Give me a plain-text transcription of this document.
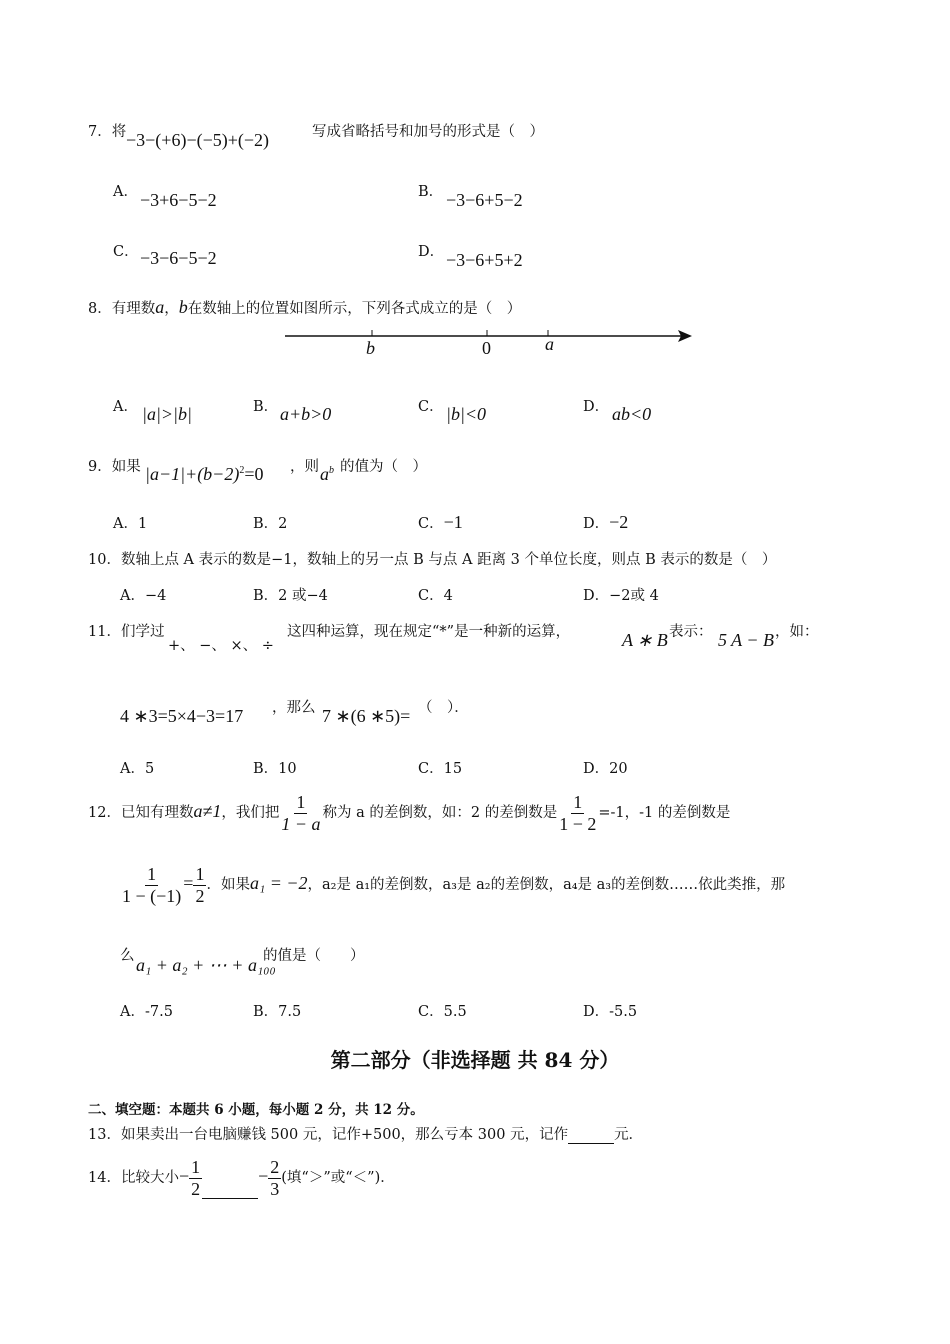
7．将 −3−(+6)−(−5)+(−2)	写成省略括号和加号的形式是（　）
A． −3+6−5−2	B． −3−6+5−2
C． −3−6−5−2	D． −3−6+5+2
8．有理数a，b在数轴上的位置如图所示，下列各式成立的是（　）
b	0	a
A． |a|>|b|	B． a+b>0	C． |b|<0	D． ab<0
9．如果 $|a-1|+(b-2)^2=0$ ，则 $a^b$ 的值为（　）
A．1	B．2	C．−1	D．−2
10．数轴上点 A 表示的数是−1，数轴上的另一点 B 与点 A 距离 3 个单位长度，则点 B 表示的数是（　）
A．−4	B．2 或−4	C．4	D．−2或 4
11．们学过
+、 −、 ×、 ÷
这四种运算，现在规定“*”是一种新的运算，	A ∗ B 表示： 5 A − B ，如：
4 ∗3=5×4−3=17 ，那么 7 ∗(6 ∗5)= （　）．
A．5	B．10	C．15	D．20
12．已知有理数a≠1，我们把 $\frac{1}{1 - a}$ 称为 a 的差倒数，如：2 的差倒数是 $\frac{1}{1 - 2} =-1$，-1 的差倒数是
$\frac{1}{1 - (-1)} = \frac{1}{2}$ ．如果a₁ = −2，a₂是 a₁的差倒数，a₃是 a₂的差倒数，a₄是 a₃的差倒数……依此类推，那
么 a₁ + a₂ + ⋯ + a₁₀₀
的值是（　　）
A．-7.5	B．7.5	C．5.5	D．-5.5
第二部分（非选择题 共 84 分）
二、填空题：本题共 6 小题，每小题 2 分，共 12 分。
13．如果卖出一台电脑赚钱 500 元，记作+500，那么亏本 300 元，记作	元．
14．比较大小− $\frac{1}{2}$	− $\frac{2}{3}$ (填“＞”或“＜”)．
